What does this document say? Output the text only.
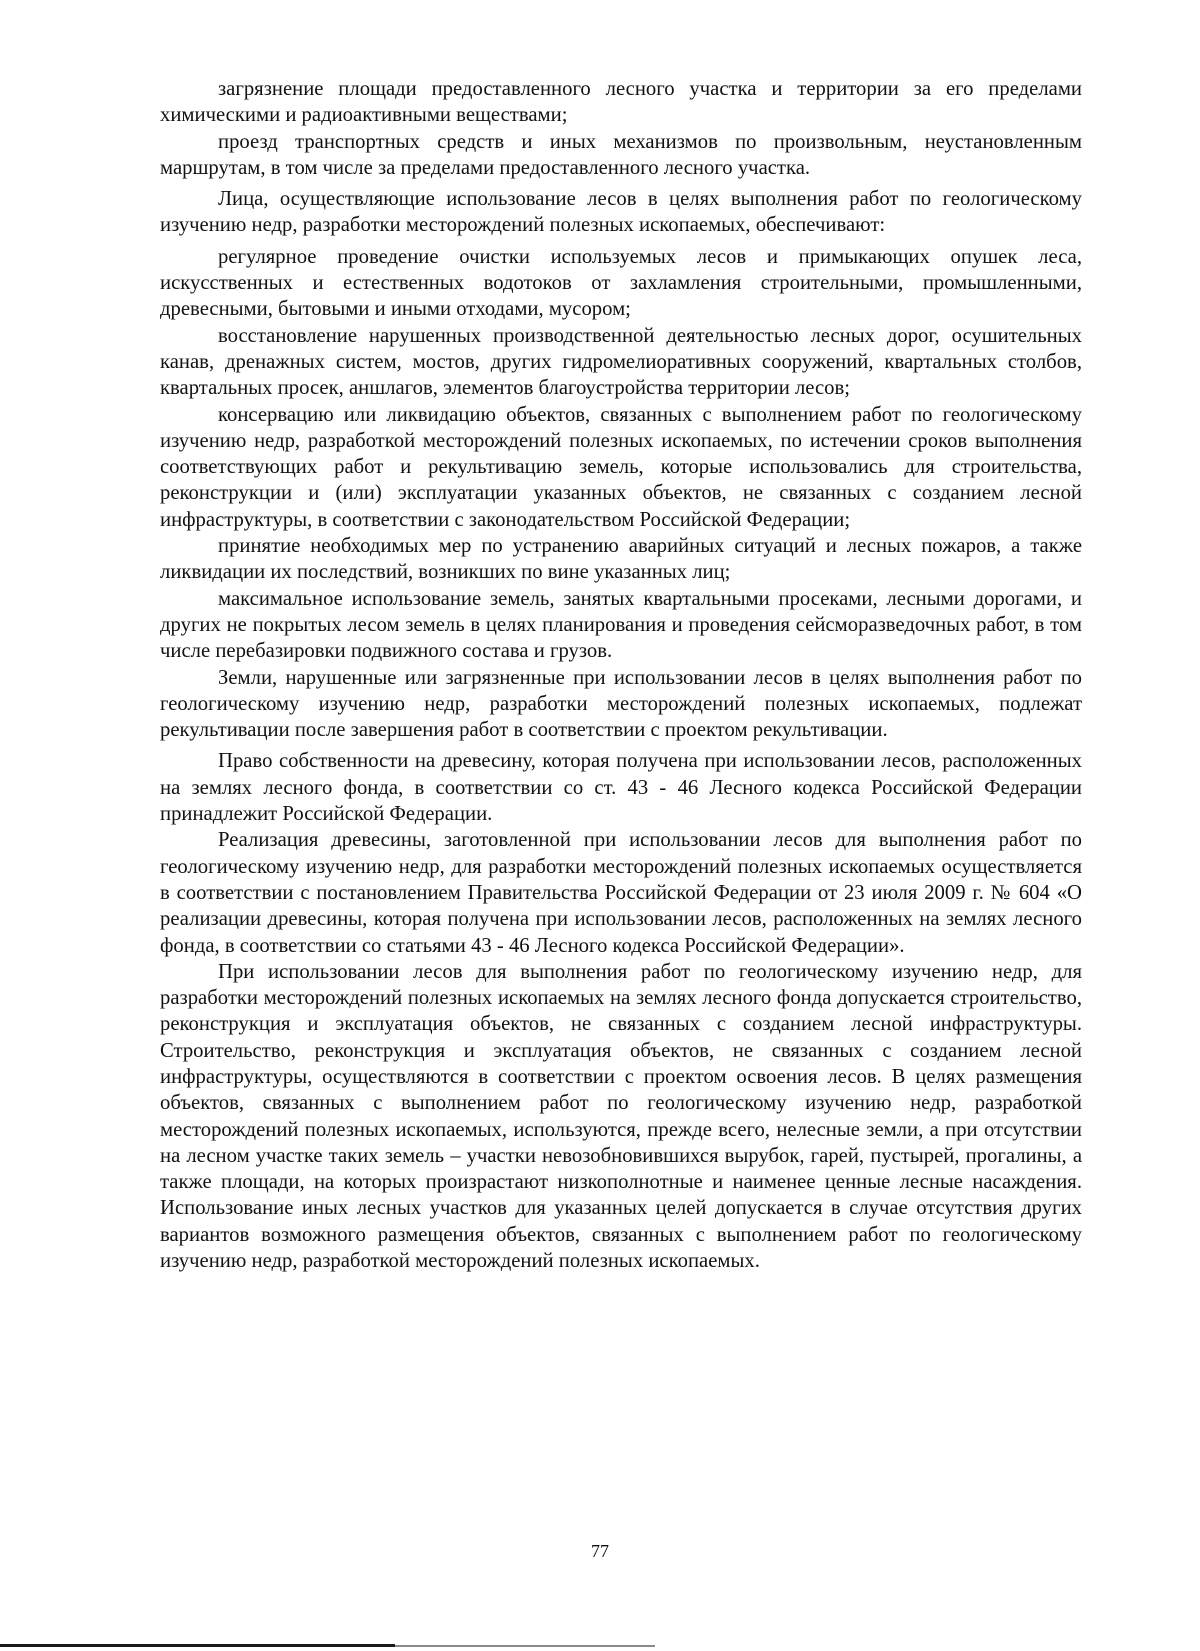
загрязнение площади предоставленного лесного участка и территории за его пределами химическими и радиоактивными веществами;

проезд транспортных средств и иных механизмов по произвольным, неустановленным маршрутам, в том числе за пределами предоставленного лесного участка.

Лица, осуществляющие использование лесов в целях выполнения работ по геологическому изучению недр, разработки месторождений полезных ископаемых, обеспечивают:

регулярное проведение очистки используемых лесов и примыкающих опушек леса, искусственных и естественных водотоков от захламления строительными, промышленными, древесными, бытовыми и иными отходами, мусором;

восстановление нарушенных производственной деятельностью лесных дорог, осушительных канав, дренажных систем, мостов, других гидромелиоративных сооружений, квартальных столбов, квартальных просек, аншлагов, элементов благоустройства территории лесов;

консервацию или ликвидацию объектов, связанных с выполнением работ по геологическому изучению недр, разработкой месторождений полезных ископаемых, по истечении сроков выполнения соответствующих работ и рекультивацию земель, которые использовались для строительства, реконструкции и (или) эксплуатации указанных объектов, не связанных с созданием лесной инфраструктуры, в соответствии с законодательством Российской Федерации;

принятие необходимых мер по устранению аварийных ситуаций и лесных пожаров, а также ликвидации их последствий, возникших по вине указанных лиц;

максимальное использование земель, занятых квартальными просеками, лесными дорогами, и других не покрытых лесом земель в целях планирования и проведения сейсморазведочных работ, в том числе перебазировки подвижного состава и грузов.

Земли, нарушенные или загрязненные при использовании лесов в целях выполнения работ по геологическому изучению недр, разработки месторождений полезных ископаемых, подлежат рекультивации после завершения работ в соответствии с проектом рекультивации.

Право собственности на древесину, которая получена при использовании лесов, расположенных на землях лесного фонда, в соответствии со ст. 43 - 46 Лесного кодекса Российской Федерации принадлежит Российской Федерации.

Реализация древесины, заготовленной при использовании лесов для выполнения работ по геологическому изучению недр, для разработки месторождений полезных ископаемых осуществляется в соответствии с постановлением Правительства Российской Федерации от 23 июля 2009 г. № 604 «О реализации древесины, которая получена при использовании лесов, расположенных на землях лесного фонда, в соответствии со статьями 43 - 46 Лесного кодекса Российской Федерации».

При использовании лесов для выполнения работ по геологическому изучению недр, для разработки месторождений полезных ископаемых на землях лесного фонда допускается строительство, реконструкция и эксплуатация объектов, не связанных с созданием лесной инфраструктуры. Строительство, реконструкция и эксплуатация объектов, не связанных с созданием лесной инфраструктуры, осуществляются в соответствии с проектом освоения лесов. В целях размещения объектов, связанных с выполнением работ по геологическому изучению недр, разработкой месторождений полезных ископаемых, используются, прежде всего, нелесные земли, а при отсутствии на лесном участке таких земель – участки невозобновившихся вырубок, гарей, пустырей, прогалины, а также площади, на которых произрастают низкополнотные и наименее ценные лесные насаждения. Использование иных лесных участков для указанных целей допускается в случае отсутствия других вариантов возможного размещения объектов, связанных с выполнением работ по геологическому изучению недр, разработкой месторождений полезных ископаемых.

77
